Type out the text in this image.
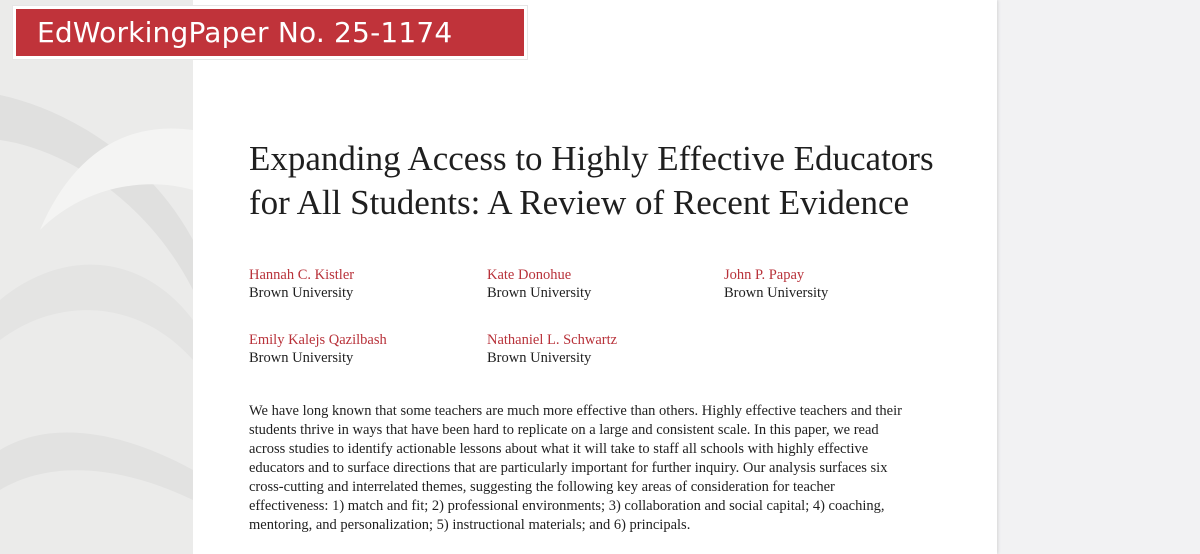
EdWorkingPaper No. 25-1174
Expanding Access to Highly Effective Educators
for All Students: A Review of Recent Evidence
Hannah C. Kistler
Brown University
Kate Donohue
Brown University
John P. Papay
Brown University
Emily Kalejs Qazilbash
Brown University
Nathaniel L. Schwartz
Brown University
We have long known that some teachers are much more effective than others. Highly effective teachers and their
students thrive in ways that have been hard to replicate on a large and consistent scale. In this paper, we read
across studies to identify actionable lessons about what it will take to staff all schools with highly effective
educators and to surface directions that are particularly important for further inquiry. Our analysis surfaces six
cross-cutting and interrelated themes, suggesting the following key areas of consideration for teacher
effectiveness: 1) match and fit; 2) professional environments; 3) collaboration and social capital; 4) coaching,
mentoring, and personalization; 5) instructional materials; and 6) principals.
